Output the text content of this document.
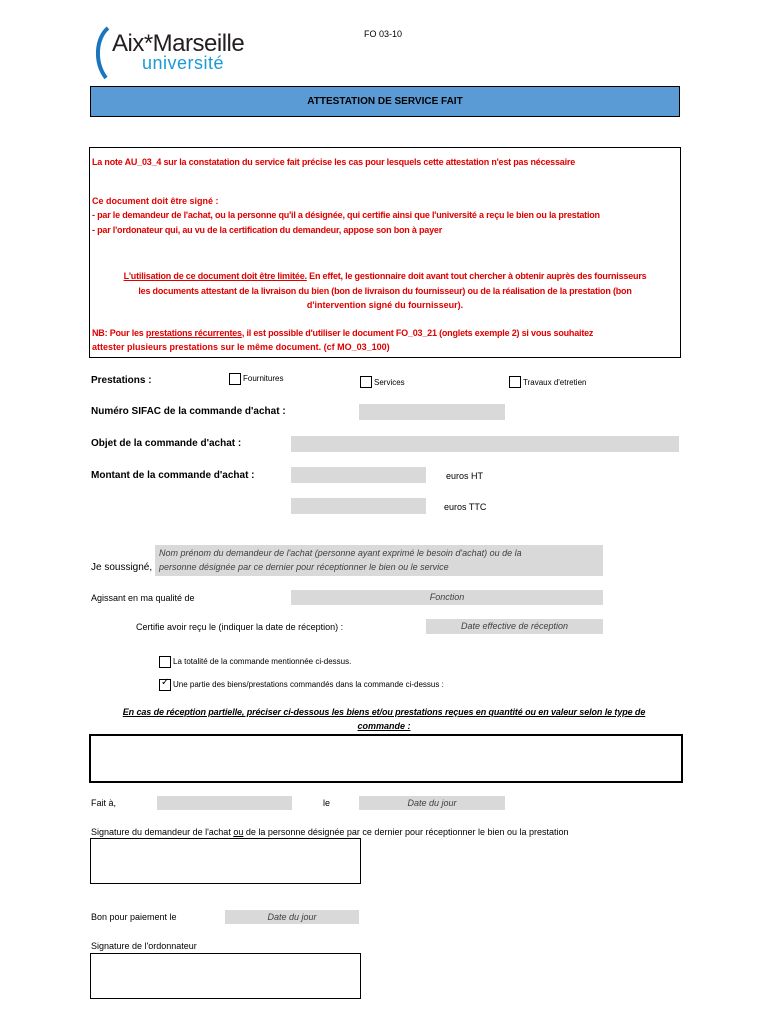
Aix*Marseille
université
FO 03-10
ATTESTATION DE SERVICE FAIT
La note AU_03_4 sur la constatation du service fait précise les cas pour lesquels cette attestation n'est pas nécessaire
Ce document doit être signé :
- par le demandeur de l'achat, ou la personne qu'il a désignée, qui certifie ainsi que l'université a reçu le bien ou la prestation
- par l'ordonateur qui, au vu de la certification du demandeur, appose son bon à payer
L'utilisation de ce document doit être limitée. En effet, le gestionnaire doit avant tout chercher à obtenir auprès des fournisseurs
les documents attestant de la livraison du bien (bon de livraison du fournisseur) ou de la réalisation de la prestation (bon
d'intervention signé du fournisseur).
NB: Pour les prestations récurrentes, il est possible d'utiliser le document FO_03_21 (onglets exemple 2) si vous souhaitez
attester plusieurs prestations sur le même document. (cf MO_03_100)
Prestations :	Fournitures	Services	Travaux d'etretien
Numéro SIFAC de la commande d'achat :
Objet de la commande d'achat :
Montant de la commande d'achat :	euros HT
euros TTC
Je soussigné,
Nom prénom du demandeur de l'achat (personne ayant exprimé le besoin d'achat) ou de la
personne désignée par ce dernier pour réceptionner le bien ou le service
Agissant en ma qualité de	Fonction
Certifie avoir reçu le (indiquer la date de réception) :	Date effective de réception
La totalité de la commande mentionnée ci-dessus.
✓ Une partie des biens/prestations commandés dans la commande ci-dessus :
En cas de réception partielle, préciser ci-dessous les biens et/ou prestations reçues en quantité ou en valeur selon le type de
commande :
Fait à,	le	Date du jour
Signature du demandeur de l'achat ou de la personne désignée par ce dernier pour réceptionner le bien ou la prestation
Bon pour paiement le	Date du jour
Signature de l'ordonnateur
